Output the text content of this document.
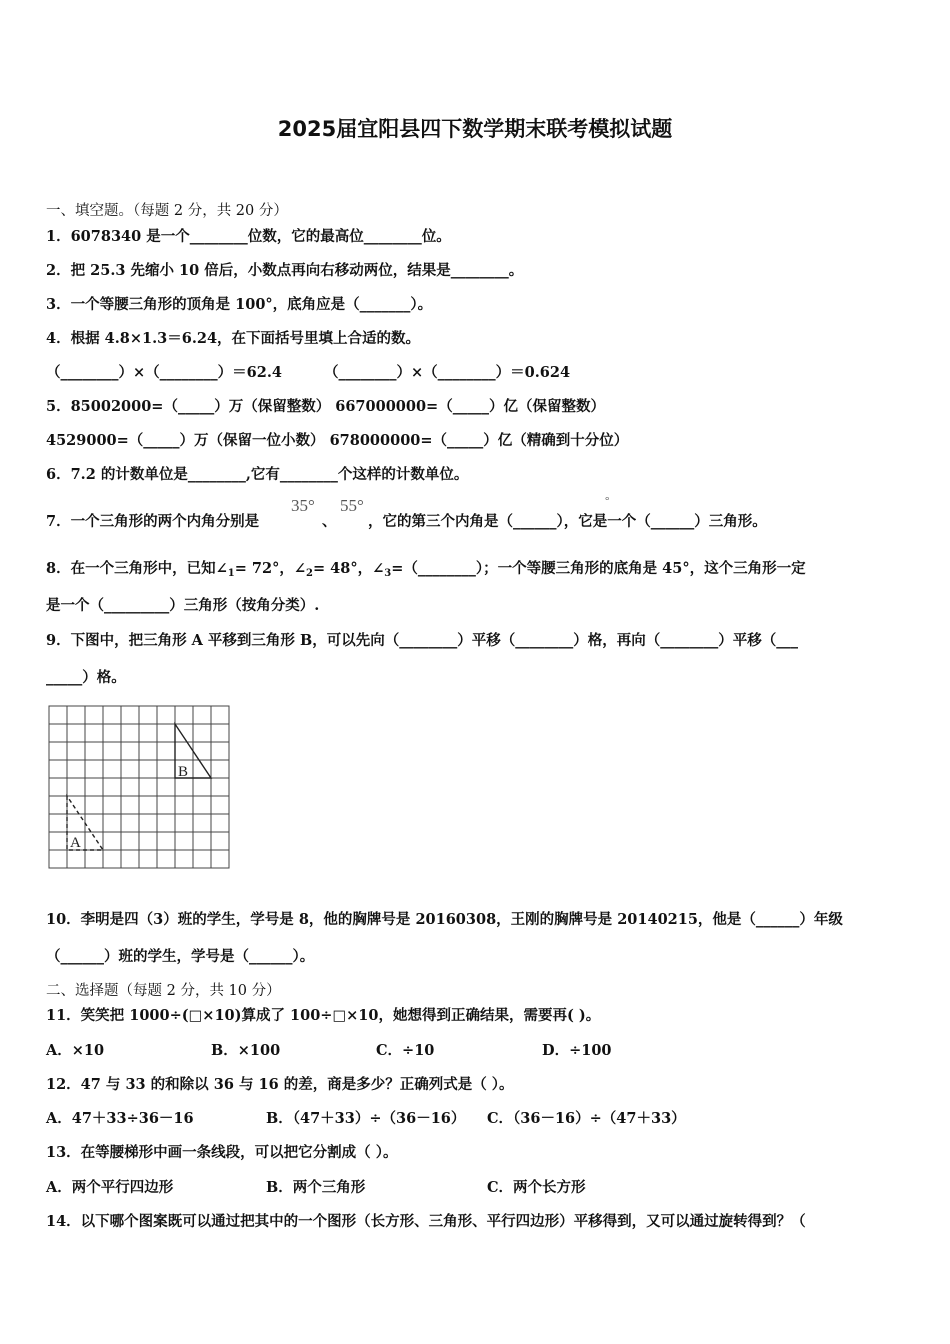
2025届宜阳县四下数学期末联考模拟试题
一、填空题。（每题 2 分，共 20 分）
1．6078340 是一个________位数，它的最高位________位。
2．把 25.3 先缩小 10 倍后，小数点再向右移动两位，结果是________。
3．一个等腰三角形的顶角是 100°，底角应是（_______）。
4．根据 4.8×1.3＝6.24，在下面括号里填上合适的数。
（________）×（________）＝62.4	（________）×（________）＝0.624
5．85002000=（_____）万（保留整数） 667000000=（_____）亿（保留整数）
4529000=（_____）万（保留一位小数） 678000000=（_____）亿（精确到十分位）
6．7.2 的计数单位是________,它有________个这样的计数单位。
7．一个三角形的两个内角分别是
35°
、
55°	°
，它的第三个内角是（______），它是一个（______）三角形。
8．在一个三角形中，已知$\angle_1= 72^\circ$，$\angle_2= 48^\circ$，$\angle_3=(\_\_\_\_\_\_\_\_)$；一个等腰三角形的底角是 45°，这个三角形一定
是一个（_________）三角形（按角分类）.
9．下图中，把三角形 A 平移到三角形 B，可以先向（________）平移（________）格，再向（________）平移（___
_____）格。
A
B
10．李明是四（3）班的学生，学号是 8，他的胸牌号是 20160308，王刚的胸牌号是 20140215，他是（______）年级
（______）班的学生，学号是（______）。
二、选择题（每题 2 分，共 10 分）
11．笑笑把 1000÷(□×10)算成了 100÷□×10，她想得到正确结果，需要再( )。
A．×10	B．×100	C．÷10	D．÷100
12．47 与 33 的和除以 36 与 16 的差，商是多少？正确列式是（ ）。
A．47＋33÷36－16	B．（47＋33）÷（36－16） C．（36－16）÷（47＋33）
13．在等腰梯形中画一条线段，可以把它分割成（ ）。
A．两个平行四边形	B．两个三角形	C．两个长方形
14．以下哪个图案既可以通过把其中的一个图形（长方形、三角形、平行四边形）平移得到，又可以通过旋转得到？（
